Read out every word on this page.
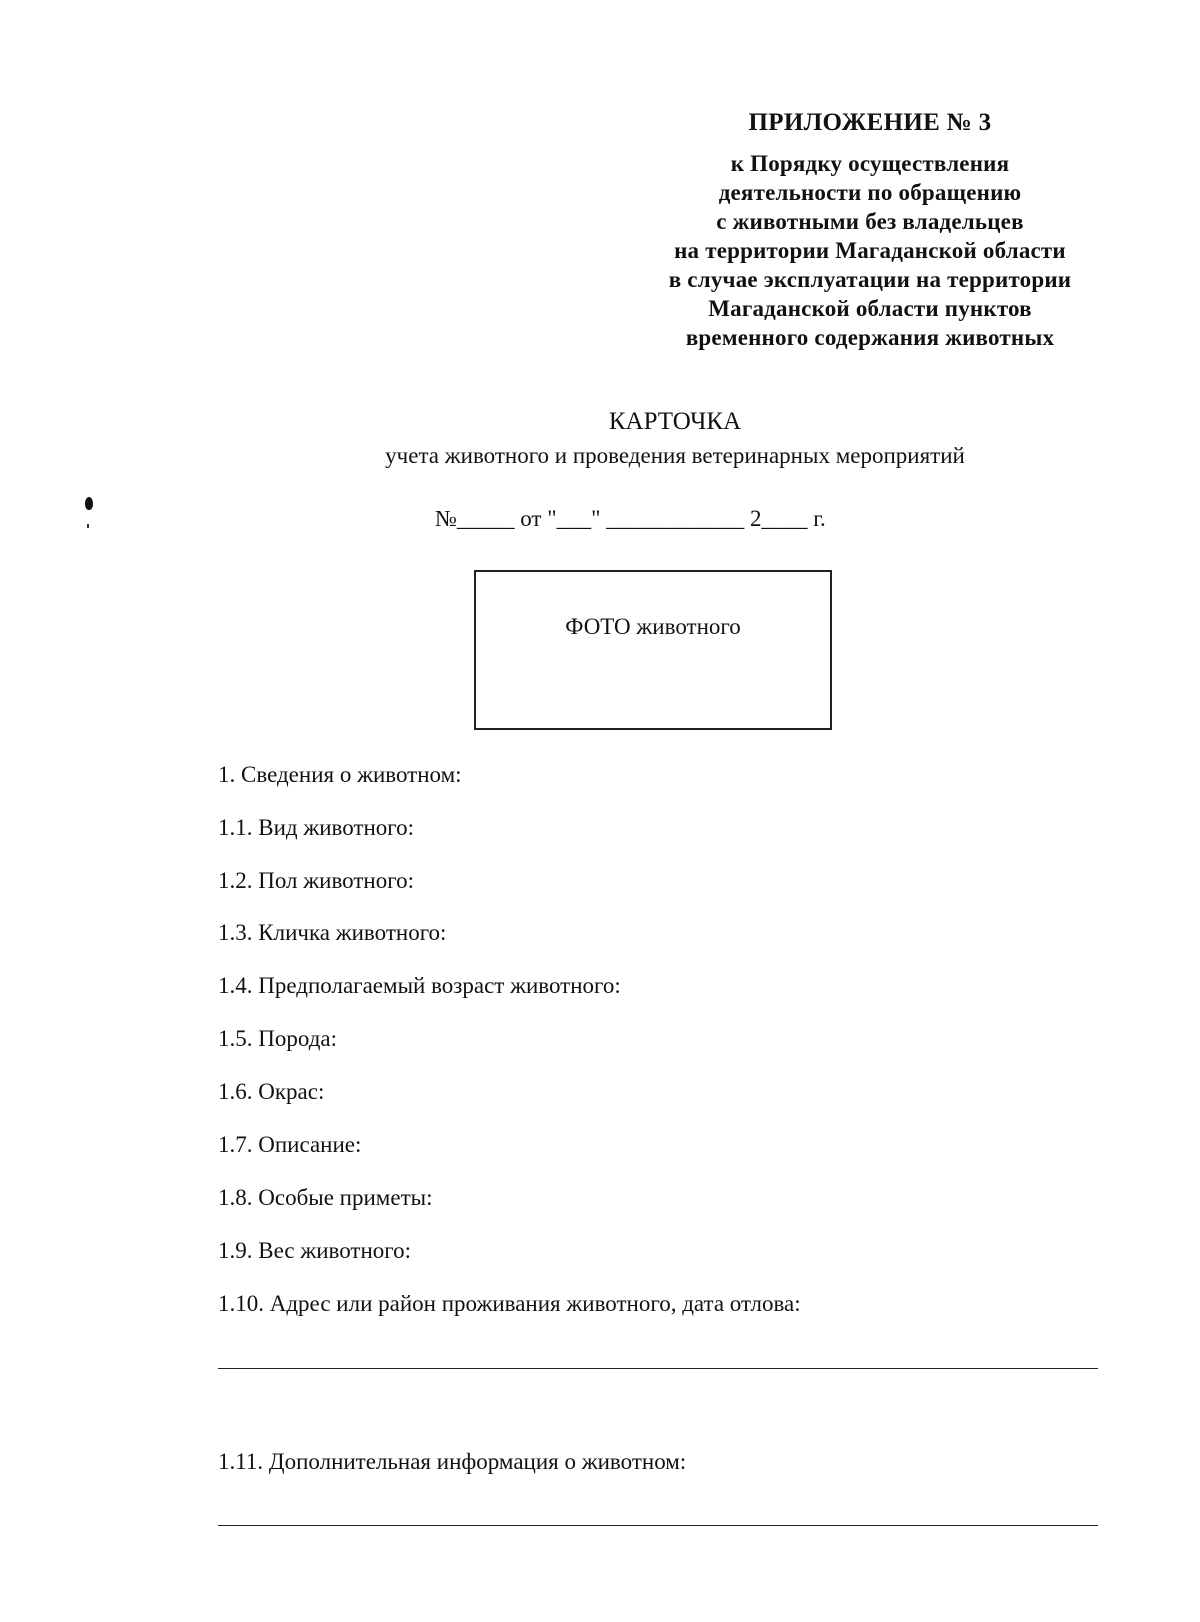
ПРИЛОЖЕНИЕ № 3
к Порядку осуществления
деятельности по обращению
с животными без владельцев
на территории Магаданской области
в случае эксплуатации на территории
Магаданской области пунктов
временного содержания животных
КАРТОЧКА
учета животного и проведения ветеринарных мероприятий
№_____ от "___" ____________ 2____ г.
ФОТО животного
1. Сведения о животном:
1.1. Вид животного:
1.2. Пол животного:
1.3. Кличка животного:
1.4. Предполагаемый возраст животного:
1.5. Порода:
1.6. Окрас:
1.7. Описание:
1.8. Особые приметы:
1.9. Вес животного:
1.10. Адрес или район проживания животного, дата отлова:
1.11. Дополнительная информация о животном:
